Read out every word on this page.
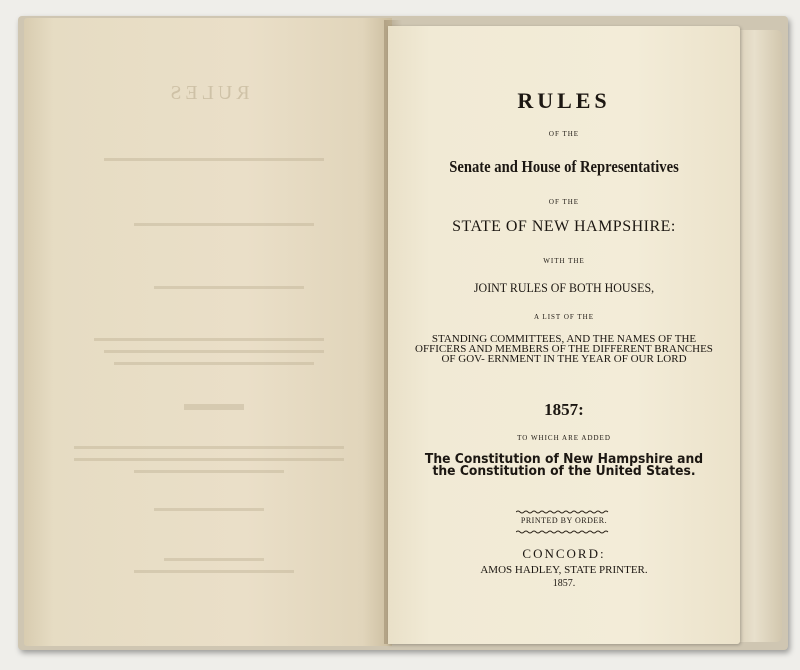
RULES	RULES
OF THE
Senate and House of Representatives
OF THE
STATE OF NEW HAMPSHIRE:
WITH THE
JOINT RULES OF BOTH HOUSES,
A LIST OF THE
STANDING COMMITTEES, AND THE NAMES OF THE OFFICERS AND MEMBERS OF THE DIFFERENT BRANCHES OF GOV- ERNMENT IN THE YEAR OF OUR LORD
1857:
TO WHICH ARE ADDED
The Constitution of New Hampshire and the Constitution of the United States.
PRINTED BY ORDER.
CONCORD:
AMOS HADLEY, STATE PRINTER.
1857.
